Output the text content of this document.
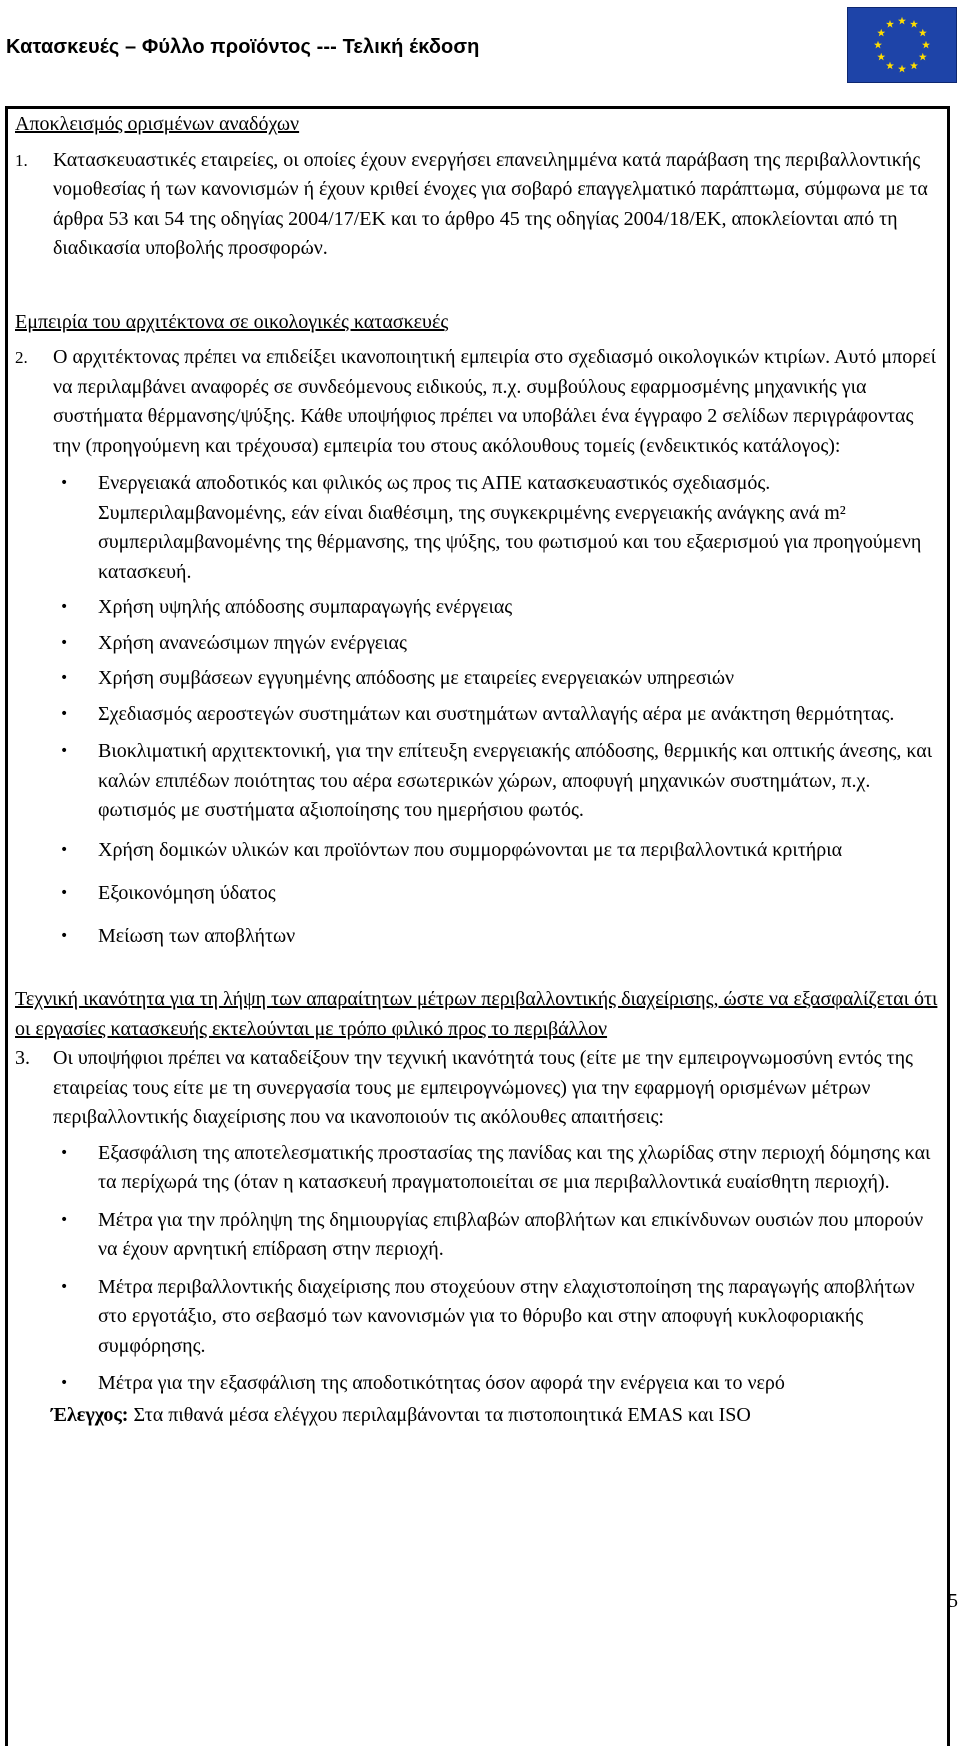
Κατασκευές – Φύλλο προϊόντος --- Τελική έκδοση
Αποκλεισμός ορισμένων αναδόχων
1. Κατασκευαστικές εταιρείες, οι οποίες έχουν ενεργήσει επανειλημμένα κατά παράβαση της περιβαλλοντικής νομοθεσίας ή των κανονισμών ή έχουν κριθεί ένοχες για σοβαρό επαγγελματικό παράπτωμα, σύμφωνα με τα άρθρα 53 και 54 της οδηγίας 2004/17/ΕΚ και το άρθρο 45 της οδηγίας 2004/18/ΕΚ, αποκλείονται από τη διαδικασία υποβολής προσφορών.
Εμπειρία του αρχιτέκτονα σε οικολογικές κατασκευές
2. Ο αρχιτέκτονας πρέπει να επιδείξει ικανοποιητική εμπειρία στο σχεδιασμό οικολογικών κτιρίων. Αυτό μπορεί να περιλαμβάνει αναφορές σε συνδεόμενους ειδικούς, π.χ. συμβούλους εφαρμοσμένης μηχανικής για συστήματα θέρμανσης/ψύξης. Κάθε υποψήφιος πρέπει να υποβάλει ένα έγγραφο 2 σελίδων περιγράφοντας την (προηγούμενη και τρέχουσα) εμπειρία του στους ακόλουθους τομείς (ενδεικτικός κατάλογος):
• Ενεργειακά αποδοτικός και φιλικός ως προς τις ΑΠΕ κατασκευαστικός σχεδιασμός. Συμπεριλαμβανομένης, εάν είναι διαθέσιμη, της συγκεκριμένης ενεργειακής ανάγκης ανά m² συμπεριλαμβανομένης της θέρμανσης, της ψύξης, του φωτισμού και του εξαερισμού για προηγούμενη κατασκευή.
• Χρήση υψηλής απόδοσης συμπαραγωγής ενέργειας
• Χρήση ανανεώσιμων πηγών ενέργειας
• Χρήση συμβάσεων εγγυημένης απόδοσης με εταιρείες ενεργειακών υπηρεσιών
• Σχεδιασμός αεροστεγών συστημάτων και συστημάτων ανταλλαγής αέρα με ανάκτηση θερμότητας.
• Βιοκλιματική αρχιτεκτονική, για την επίτευξη ενεργειακής απόδοσης, θερμικής και οπτικής άνεσης, και καλών επιπέδων ποιότητας του αέρα εσωτερικών χώρων, αποφυγή μηχανικών συστημάτων, π.χ. φωτισμός με συστήματα αξιοποίησης του ημερήσιου φωτός.
• Χρήση δομικών υλικών και προϊόντων που συμμορφώνονται με τα περιβαλλοντικά κριτήρια
• Εξοικονόμηση ύδατος
• Μείωση των αποβλήτων
Τεχνική ικανότητα για τη λήψη των απαραίτητων μέτρων περιβαλλοντικής διαχείρισης, ώστε να εξασφαλίζεται ότι οι εργασίες κατασκευής εκτελούνται με τρόπο φιλικό προς το περιβάλλον
3. Οι υποψήφιοι πρέπει να καταδείξουν την τεχνική ικανότητά τους (είτε με την εμπειρογνωμοσύνη εντός της εταιρείας τους είτε με τη συνεργασία τους με εμπειρογνώμονες) για την εφαρμογή ορισμένων μέτρων περιβαλλοντικής διαχείρισης που να ικανοποιούν τις ακόλουθες απαιτήσεις:
• Εξασφάλιση της αποτελεσματικής προστασίας της πανίδας και της χλωρίδας στην περιοχή δόμησης και τα περίχωρά της (όταν η κατασκευή πραγματοποιείται σε μια περιβαλλοντικά ευαίσθητη περιοχή).
• Μέτρα για την πρόληψη της δημιουργίας επιβλαβών αποβλήτων και επικίνδυνων ουσιών που μπορούν να έχουν αρνητική επίδραση στην περιοχή.
• Μέτρα περιβαλλοντικής διαχείρισης που στοχεύουν στην ελαχιστοποίηση της παραγωγής αποβλήτων στο εργοτάξιο, στο σεβασμό των κανονισμών για το θόρυβο και στην αποφυγή κυκλοφοριακής συμφόρησης.
• Μέτρα για την εξασφάλιση της αποδοτικότητας όσον αφορά την ενέργεια και το νερό
Έλεγχος: Στα πιθανά μέσα ελέγχου περιλαμβάνονται τα πιστοποιητικά EMAS και ISO
5
